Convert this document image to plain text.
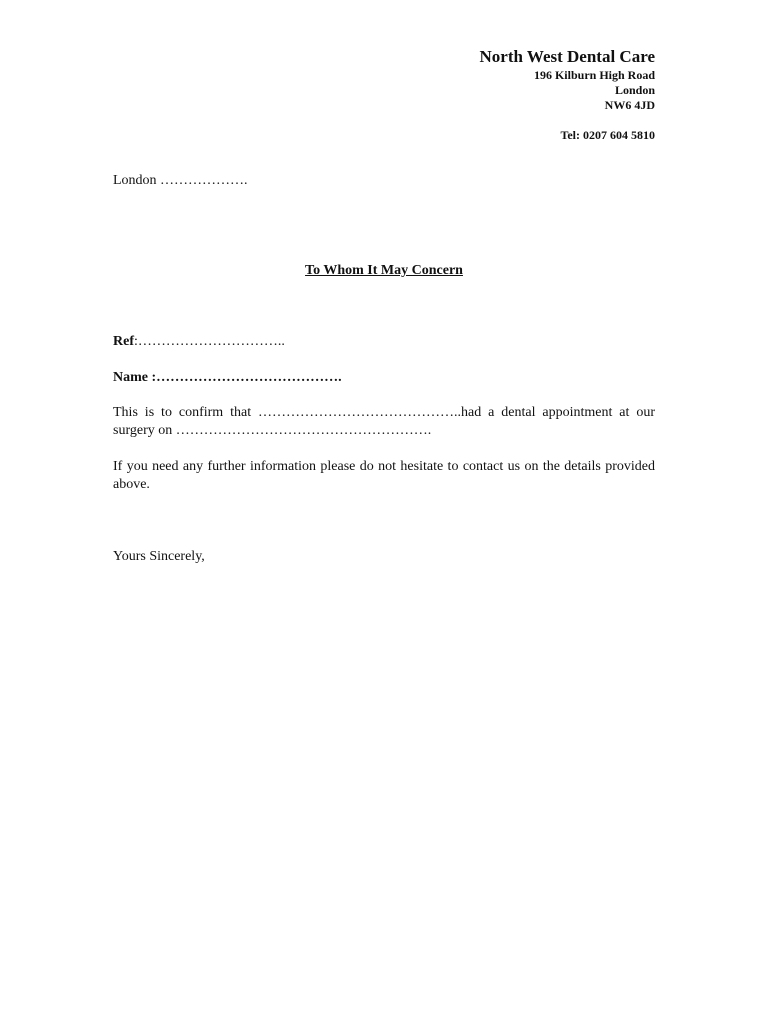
North West Dental Care
196 Kilburn High Road
London
NW6 4JD
Tel: 0207 604 5810
London ……………….
To Whom It May Concern
Ref:…………………………..
Name :………………………………….
This is to confirm that ……………………………………..had a dental appointment at our surgery on ……………………………………………….
If you need any further information please do not hesitate to contact us on the details provided above.
Yours Sincerely,
